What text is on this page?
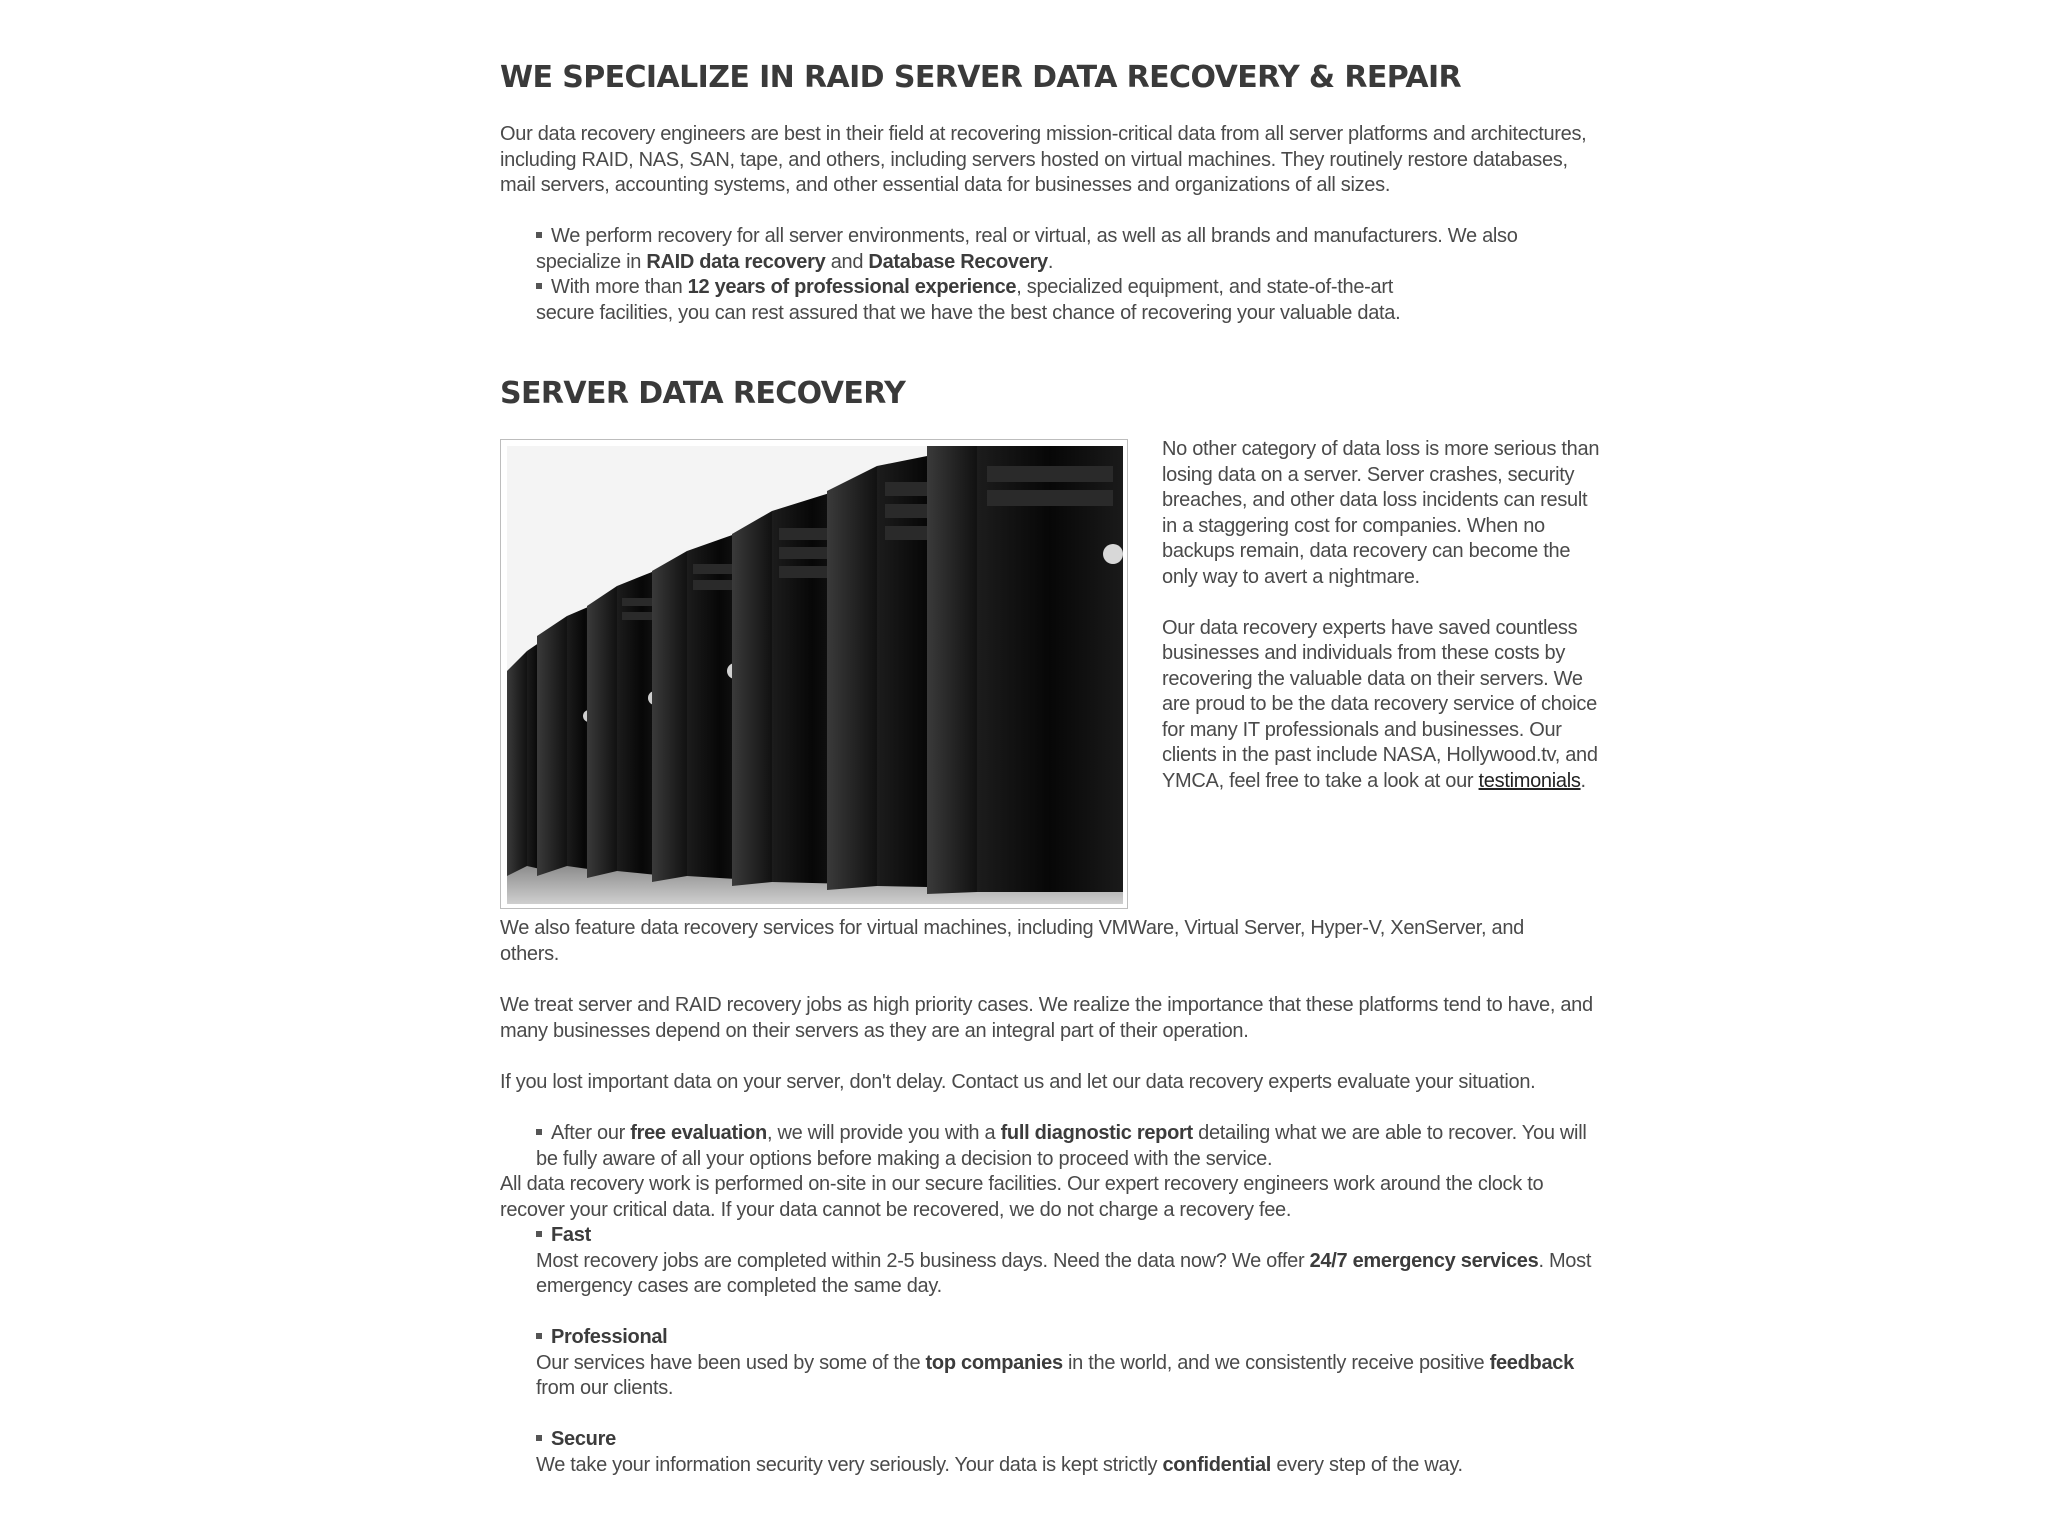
WE SPECIALIZE IN RAID SERVER DATA RECOVERY & REPAIR

Our data recovery engineers are best in their field at recovering mission-critical data from all server platforms and architectures, including RAID, NAS, SAN, tape, and others, including servers hosted on virtual machines. They routinely restore databases, mail servers, accounting systems, and other essential data for businesses and organizations of all sizes.

We perform recovery for all server environments, real or virtual, as well as all brands and manufacturers. We also specialize in RAID data recovery and Database Recovery.
With more than 12 years of professional experience, specialized equipment, and state-of-the-art secure facilities, you can rest assured that we have the best chance of recovering your valuable data.
SERVER DATA RECOVERY

No other category of data loss is more serious than losing data on a server. Server crashes, security breaches, and other data loss incidents can result in a staggering cost for companies. When no backups remain, data recovery can become the only way to avert a nightmare.

Our data recovery experts have saved countless businesses and individuals from these costs by recovering the valuable data on their servers. We are proud to be the data recovery service of choice for many IT professionals and businesses. Our clients in the past include NASA, Hollywood.tv, and YMCA, feel free to take a look at our testimonials.

We also feature data recovery services for virtual machines, including VMWare, Virtual Server, Hyper-V, XenServer, and others.

We treat server and RAID recovery jobs as high priority cases. We realize the importance that these platforms tend to have, and many businesses depend on their servers as they are an integral part of their operation.

If you lost important data on your server, don't delay. Contact us and let our data recovery experts evaluate your situation.

After our free evaluation, we will provide you with a full diagnostic report detailing what we are able to recover. You will be fully aware of all your options before making a decision to proceed with the service.

All data recovery work is performed on-site in our secure facilities. Our expert recovery engineers work around the clock to recover your critical data. If your data cannot be recovered, we do not charge a recovery fee.

Fast
Most recovery jobs are completed within 2-5 business days. Need the data now? We offer 24/7 emergency services. Most emergency cases are completed the same day.
Professional
Our services have been used by some of the top companies in the world, and we consistently receive positive feedback from our clients.
Secure
We take your information security very seriously. Your data is kept strictly confidential every step of the way.
